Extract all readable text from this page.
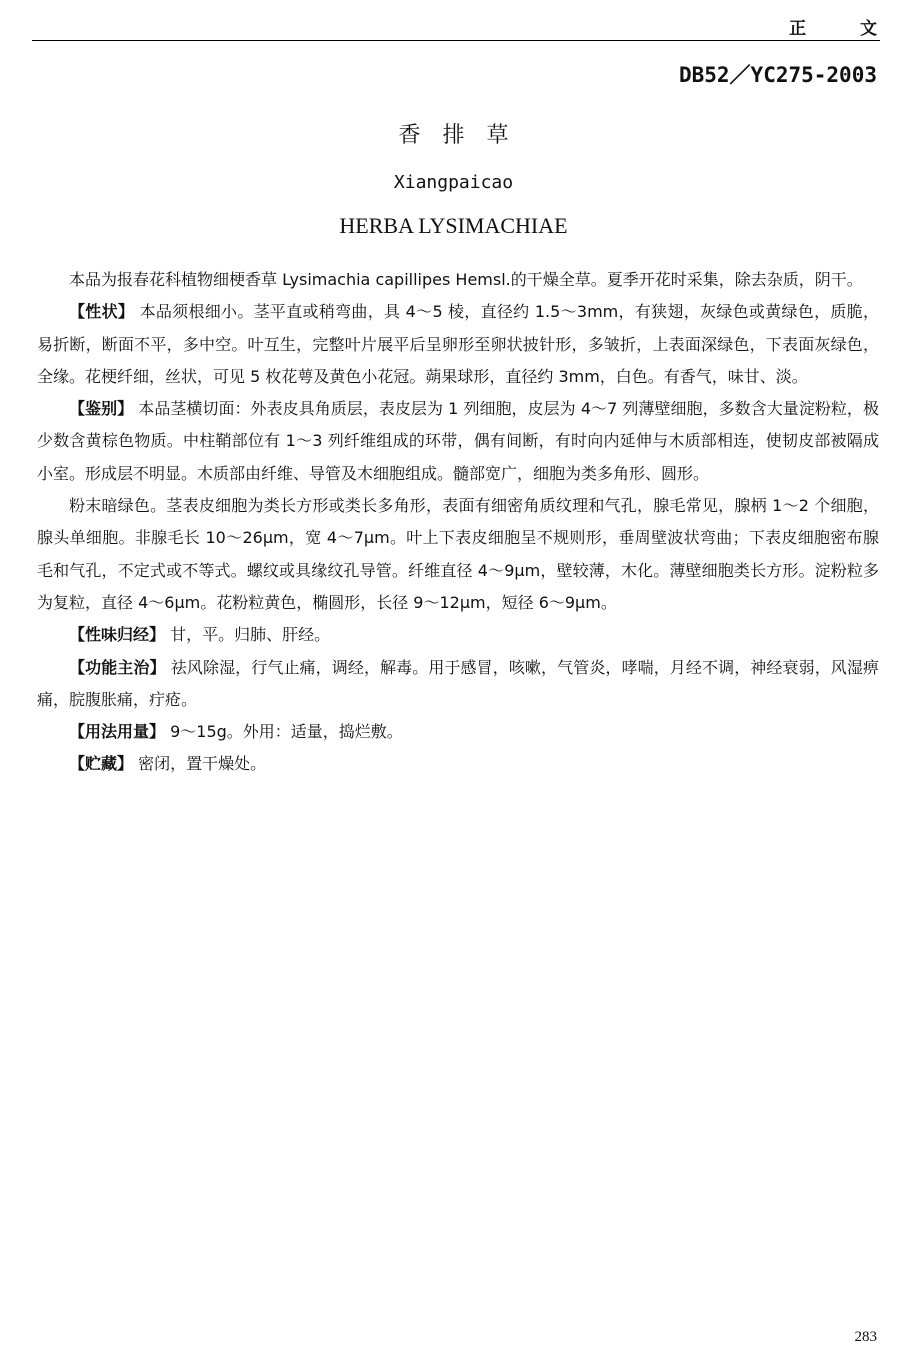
正 文
DB52／YC275-2003
香排草
Xiangpaicao
HERBA LYSIMACHIAE

本品为报春花科植物细梗香草 Lysimachia capillipes Hemsl.的干燥全草。夏季开花时采集，除去杂质，阴干。

【性状】 本品须根细小。茎平直或稍弯曲，具 4～5 棱，直径约 1.5～3mm，有狭翅，灰绿色或黄绿色，质脆，易折断，断面不平，多中空。叶互生，完整叶片展平后呈卵形至卵状披针形，多皱折，上表面深绿色，下表面灰绿色，全缘。花梗纤细，丝状，可见 5 枚花萼及黄色小花冠。蒴果球形，直径约 3mm，白色。有香气，味甘、淡。

【鉴别】 本品茎横切面：外表皮具角质层，表皮层为 1 列细胞，皮层为 4～7 列薄壁细胞，多数含大量淀粉粒，极少数含黄棕色物质。中柱鞘部位有 1～3 列纤维组成的环带，偶有间断，有时向内延伸与木质部相连，使韧皮部被隔成小室。形成层不明显。木质部由纤维、导管及木细胞组成。髓部宽广，细胞为类多角形、圆形。

粉末暗绿色。茎表皮细胞为类长方形或类长多角形，表面有细密角质纹理和气孔，腺毛常见，腺柄 1～2 个细胞，腺头单细胞。非腺毛长 10～26μm，宽 4～7μm。叶上下表皮细胞呈不规则形，垂周壁波状弯曲；下表皮细胞密布腺毛和气孔，不定式或不等式。螺纹或具缘纹孔导管。纤维直径 4～9μm，壁较薄，木化。薄壁细胞类长方形。淀粉粒多为复粒，直径 4～6μm。花粉粒黄色，椭圆形，长径 9～12μm，短径 6～9μm。

【性味归经】 甘，平。归肺、肝经。

【功能主治】 祛风除湿，行气止痛，调经，解毒。用于感冒，咳嗽，气管炎，哮喘，月经不调，神经衰弱，风湿痹痛，脘腹胀痛，疔疮。

【用法用量】 9～15g。外用：适量，捣烂敷。

【贮藏】 密闭，置干燥处。

283
